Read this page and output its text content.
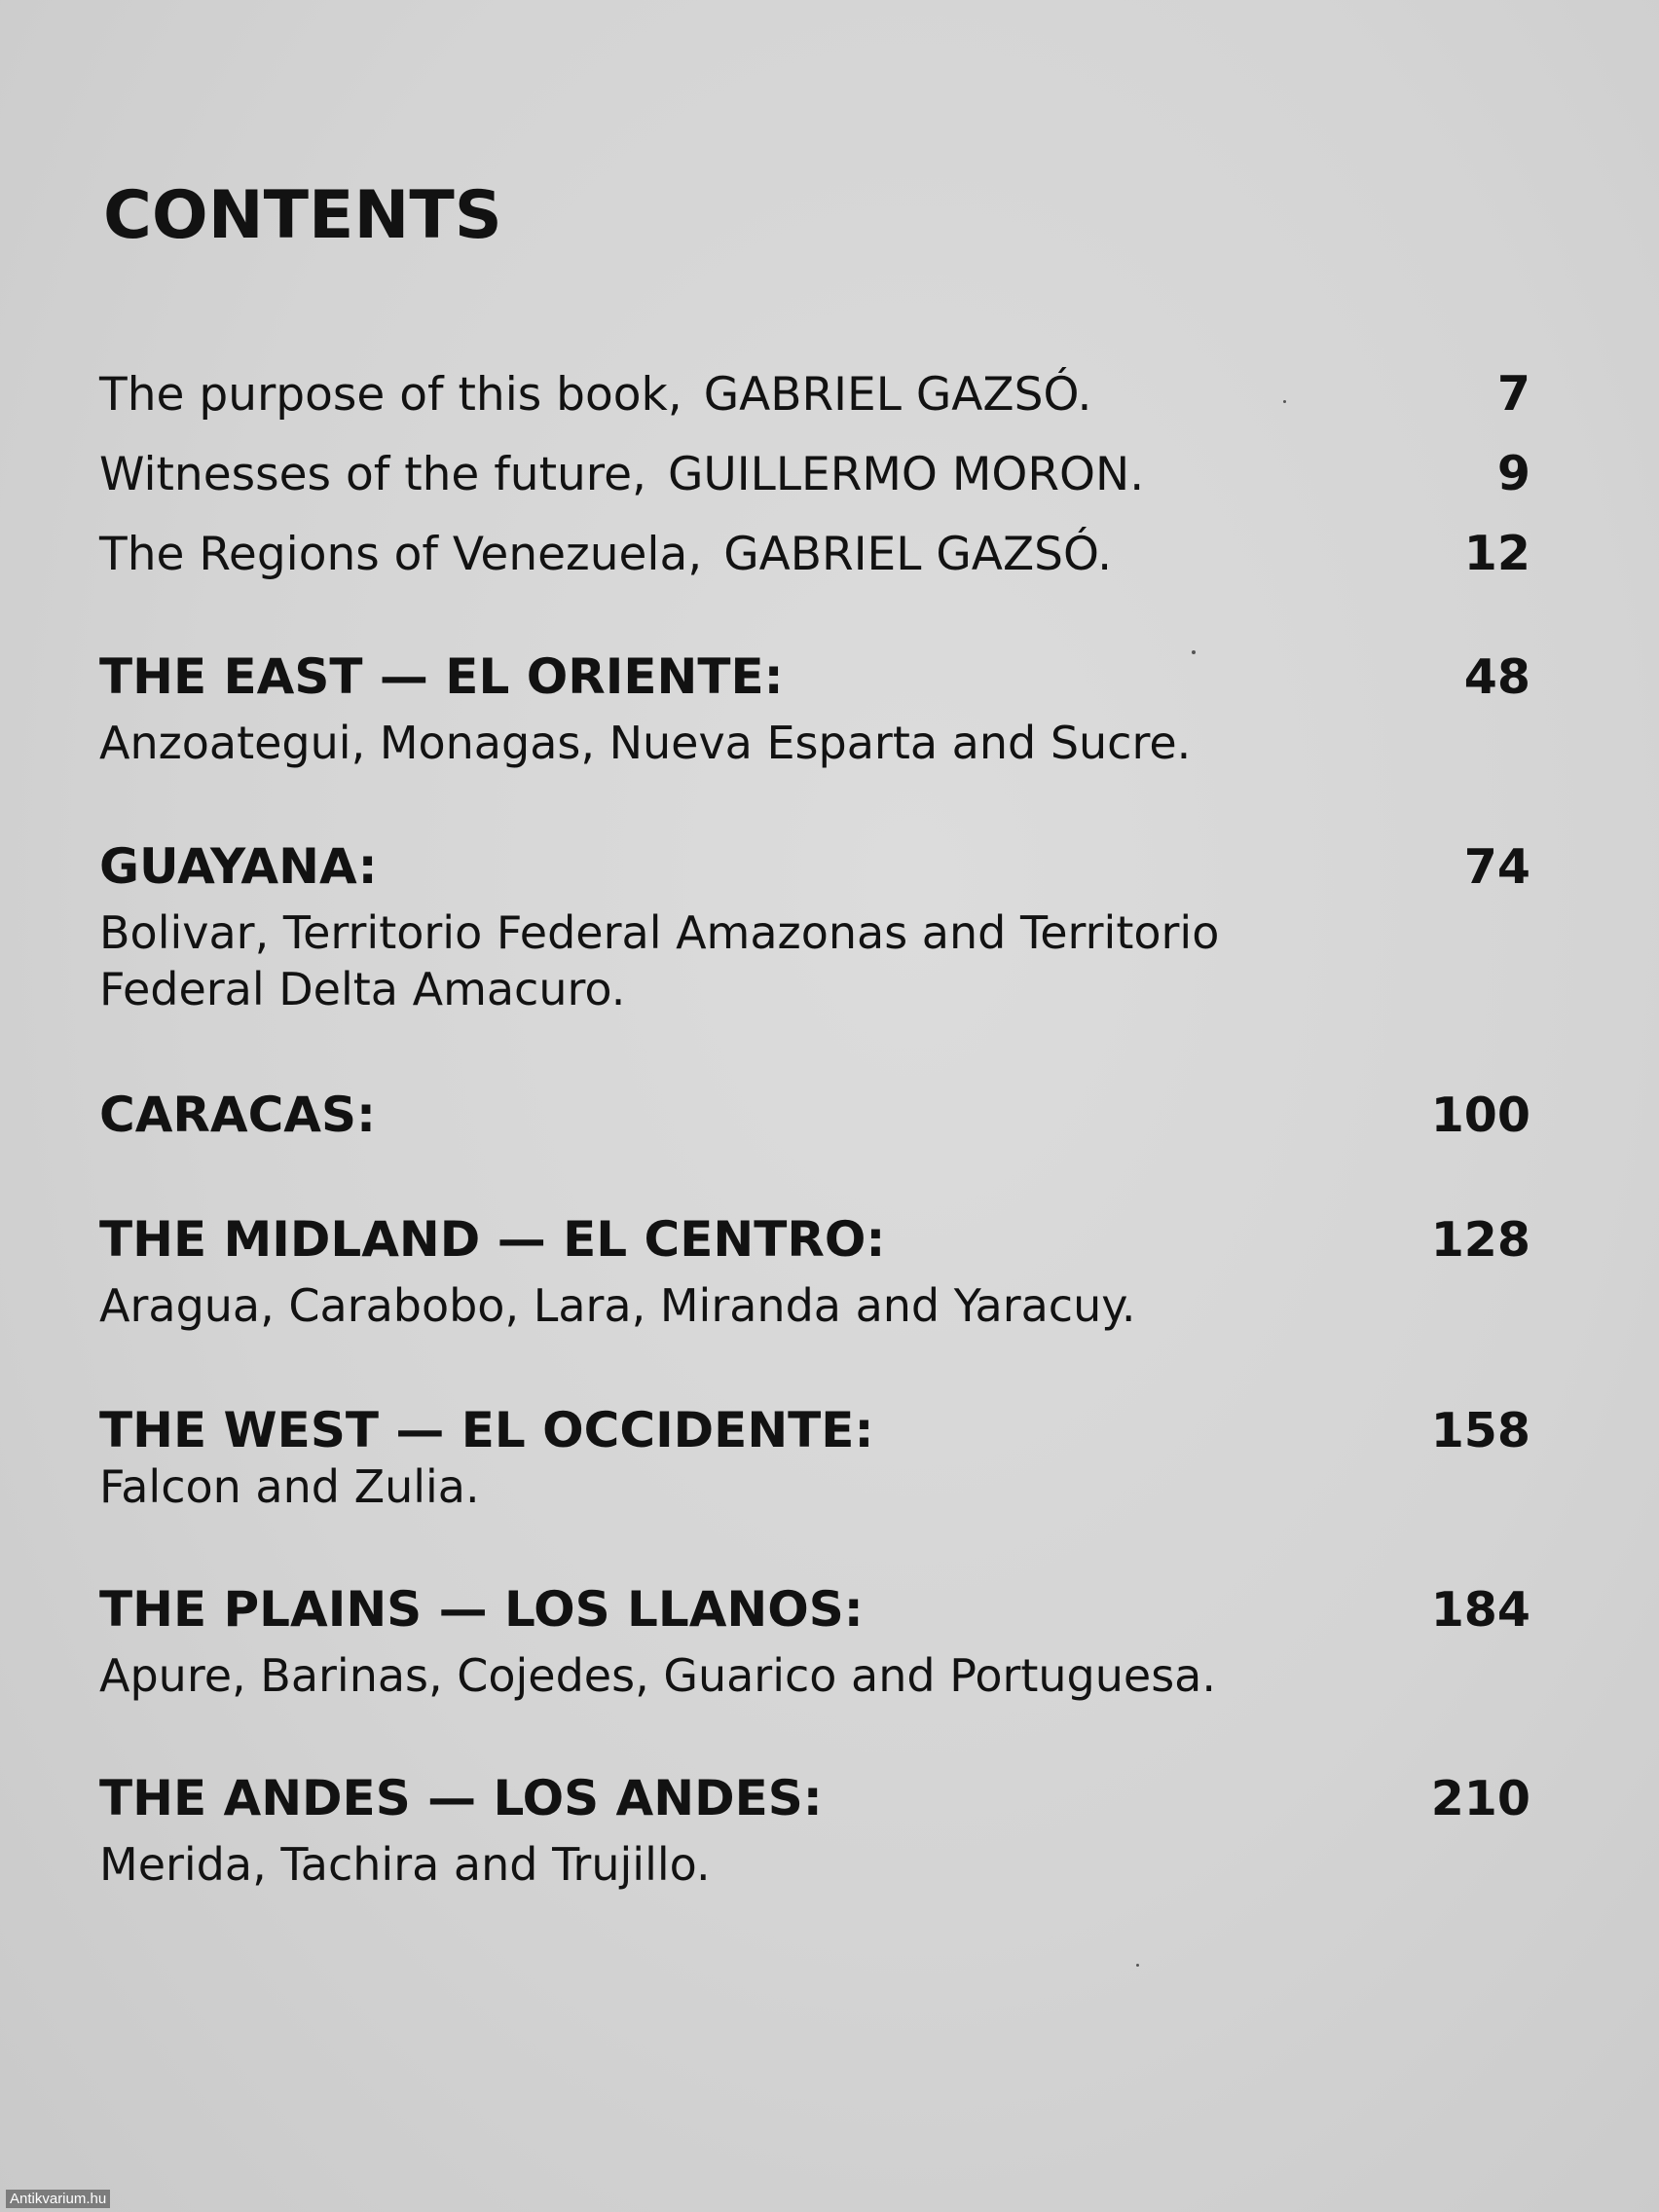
CONTENTS
The purpose of this book, GABRIEL GAZSÓ.	7
Witnesses of the future, GUILLERMO MORON.	9
The Regions of Venezuela, GABRIEL GAZSÓ.	12
THE EAST — EL ORIENTE:	48
Anzoategui, Monagas, Nueva Esparta and Sucre.
GUAYANA:	74
Bolivar, Territorio Federal Amazonas and Territorio Federal Delta Amacuro.
CARACAS:	100
THE MIDLAND — EL CENTRO:	128
Aragua, Carabobo, Lara, Miranda and Yaracuy.
THE WEST — EL OCCIDENTE:	158
Falcon and Zulia.
THE PLAINS — LOS LLANOS:	184
Apure, Barinas, Cojedes, Guarico and Portuguesa.
THE ANDES — LOS ANDES:	210
Merida, Tachira and Trujillo.
Antikvarium.hu
